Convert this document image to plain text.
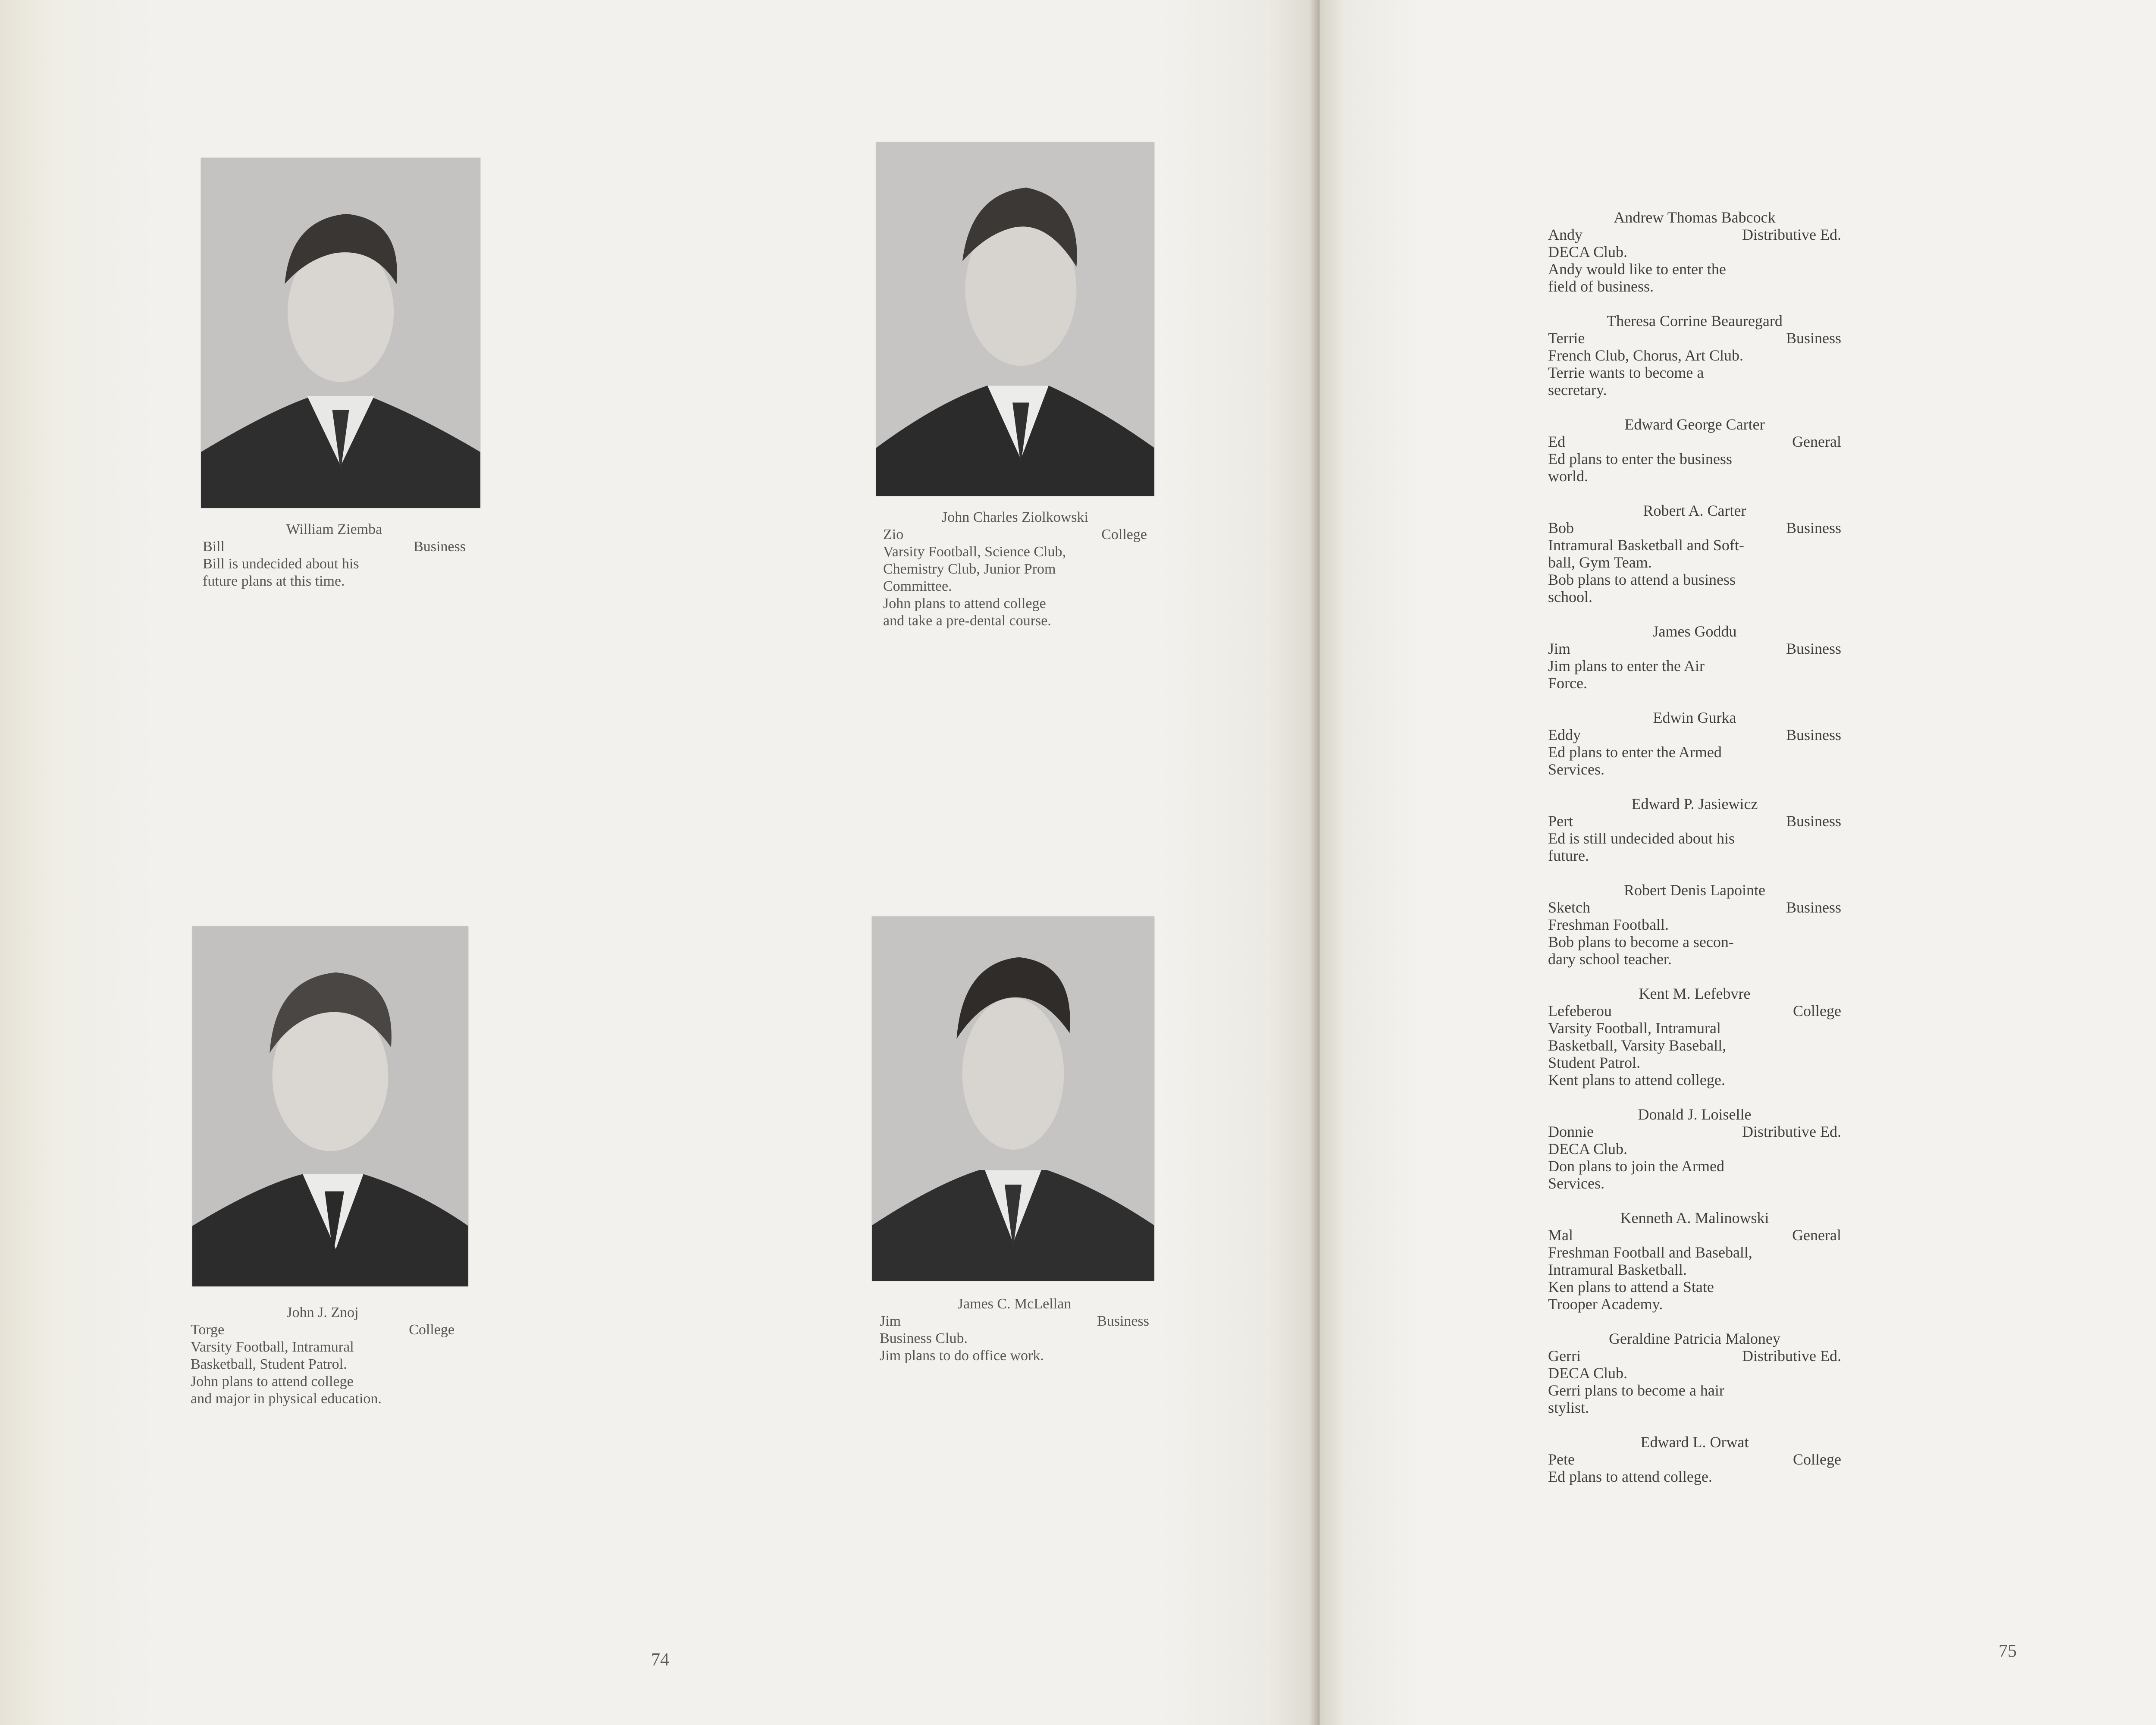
William Ziemba
Bill	Business
Bill is undecided about his
future plans at this time.
John Charles Ziolkowski
Zio	College
Varsity Football, Science Club,
Chemistry Club, Junior Prom
Committee.
John plans to attend college
and take a pre-dental course.
John J. Znoj
Torge	College
Varsity Football, Intramural
Basketball, Student Patrol.
John plans to attend college
and major in physical education.
James C. McLellan
Jim	Business
Business Club.
Jim plans to do office work.
74
Andrew Thomas Babcock
Andy	Distributive Ed.
DECA Club.
Andy would like to enter the
field of business.
Theresa Corrine Beauregard
Terrie	Business
French Club, Chorus, Art Club.
Terrie wants to become a
secretary.
Edward George Carter
Ed	General
Ed plans to enter the business
world.
Robert A. Carter
Bob	Business
Intramural Basketball and Soft-
ball, Gym Team.
Bob plans to attend a business
school.
James Goddu
Jim	Business
Jim plans to enter the Air
Force.
Edwin Gurka
Eddy	Business
Ed plans to enter the Armed
Services.
Edward P. Jasiewicz
Pert	Business
Ed is still undecided about his
future.
Robert Denis Lapointe
Sketch	Business
Freshman Football.
Bob plans to become a secon-
dary school teacher.
Kent M. Lefebvre
Lefeberou	College
Varsity Football, Intramural
Basketball, Varsity Baseball,
Student Patrol.
Kent plans to attend college.
Donald J. Loiselle
Donnie	Distributive Ed.
DECA Club.
Don plans to join the Armed
Services.
Kenneth A. Malinowski
Mal	General
Freshman Football and Baseball,
Intramural Basketball.
Ken plans to attend a State
Trooper Academy.
Geraldine Patricia Maloney
Gerri	Distributive Ed.
DECA Club.
Gerri plans to become a hair
stylist.
Edward L. Orwat
Pete	College
Ed plans to attend college.
75
